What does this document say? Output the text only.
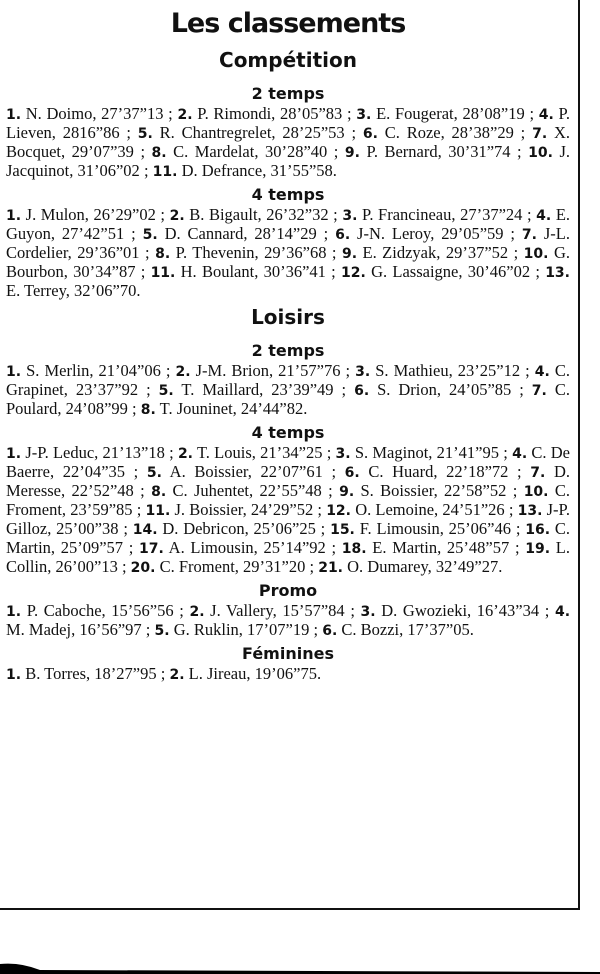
Les classements
Compétition
2 temps

1. N. Doimo, 27’37”13 ; 2. P. Rimondi, 28’05”83 ; 3. E. Fougerat, 28’08”19 ; 4. P. Lieven, 2816”86 ; 5. R. Chantregrelet, 28’25”53 ; 6. C. Roze, 28’38”29 ; 7. X. Bocquet, 29’07”39 ; 8. C. Mardelat, 30’28”40 ; 9. P. Bernard, 30’31”74 ; 10. J. Jacquinot, 31’06”02 ; 11. D. Defrance, 31’55”58.

4 temps

1. J. Mulon, 26’29”02 ; 2. B. Bigault, 26’32”32 ; 3. P. Francineau, 27’37”24 ; 4. E. Guyon, 27’42”51 ; 5. D. Cannard, 28’14”29 ; 6. J-N. Leroy, 29’05”59 ; 7. J-L. Cordelier, 29’36”01 ; 8. P. Thevenin, 29’36”68 ; 9. E. Zidzyak, 29’37”52 ; 10. G. Bourbon, 30’34”87 ; 11. H. Boulant, 30’36”41 ; 12. G. Lassaigne, 30’46”02 ; 13. E. Terrey, 32’06”70.

Loisirs
2 temps

1. S. Merlin, 21’04”06 ; 2. J-M. Brion, 21’57”76 ; 3. S. Mathieu, 23’25”12 ; 4. C. Grapinet, 23’37”92 ; 5. T. Maillard, 23’39”49 ; 6. S. Drion, 24’05”85 ; 7. C. Poulard, 24’08”99 ; 8. T. Jouninet, 24’44”82.

4 temps

1. J-P. Leduc, 21’13”18 ; 2. T. Louis, 21’34”25 ; 3. S. Maginot, 21’41”95 ; 4. C. De Baerre, 22’04”35 ; 5. A. Boissier, 22’07”61 ; 6. C. Huard, 22’18”72 ; 7. D. Meresse, 22’52”48 ; 8. C. Juhentet, 22’55”48 ; 9. S. Boissier, 22’58”52 ; 10. C. Froment, 23’59”85 ; 11. J. Boissier, 24’29”52 ; 12. O. Lemoine, 24’51”26 ; 13. J-P. Gilloz, 25’00”38 ; 14. D. Debricon, 25’06”25 ; 15. F. Limousin, 25’06”46 ; 16. C. Martin, 25’09”57 ; 17. A. Limousin, 25’14”92 ; 18. E. Martin, 25’48”57 ; 19. L. Collin, 26’00”13 ; 20. C. Froment, 29’31”20 ; 21. O. Dumarey, 32’49”27.

Promo

1. P. Caboche, 15’56”56 ; 2. J. Vallery, 15’57”84 ; 3. D. Gwozieki, 16’43”34 ; 4. M. Madej, 16’56”97 ; 5. G. Ruklin, 17’07”19 ; 6. C. Bozzi, 17’37”05.

Féminines

1. B. Torres, 18’27”95 ; 2. L. Jireau, 19’06”75.
